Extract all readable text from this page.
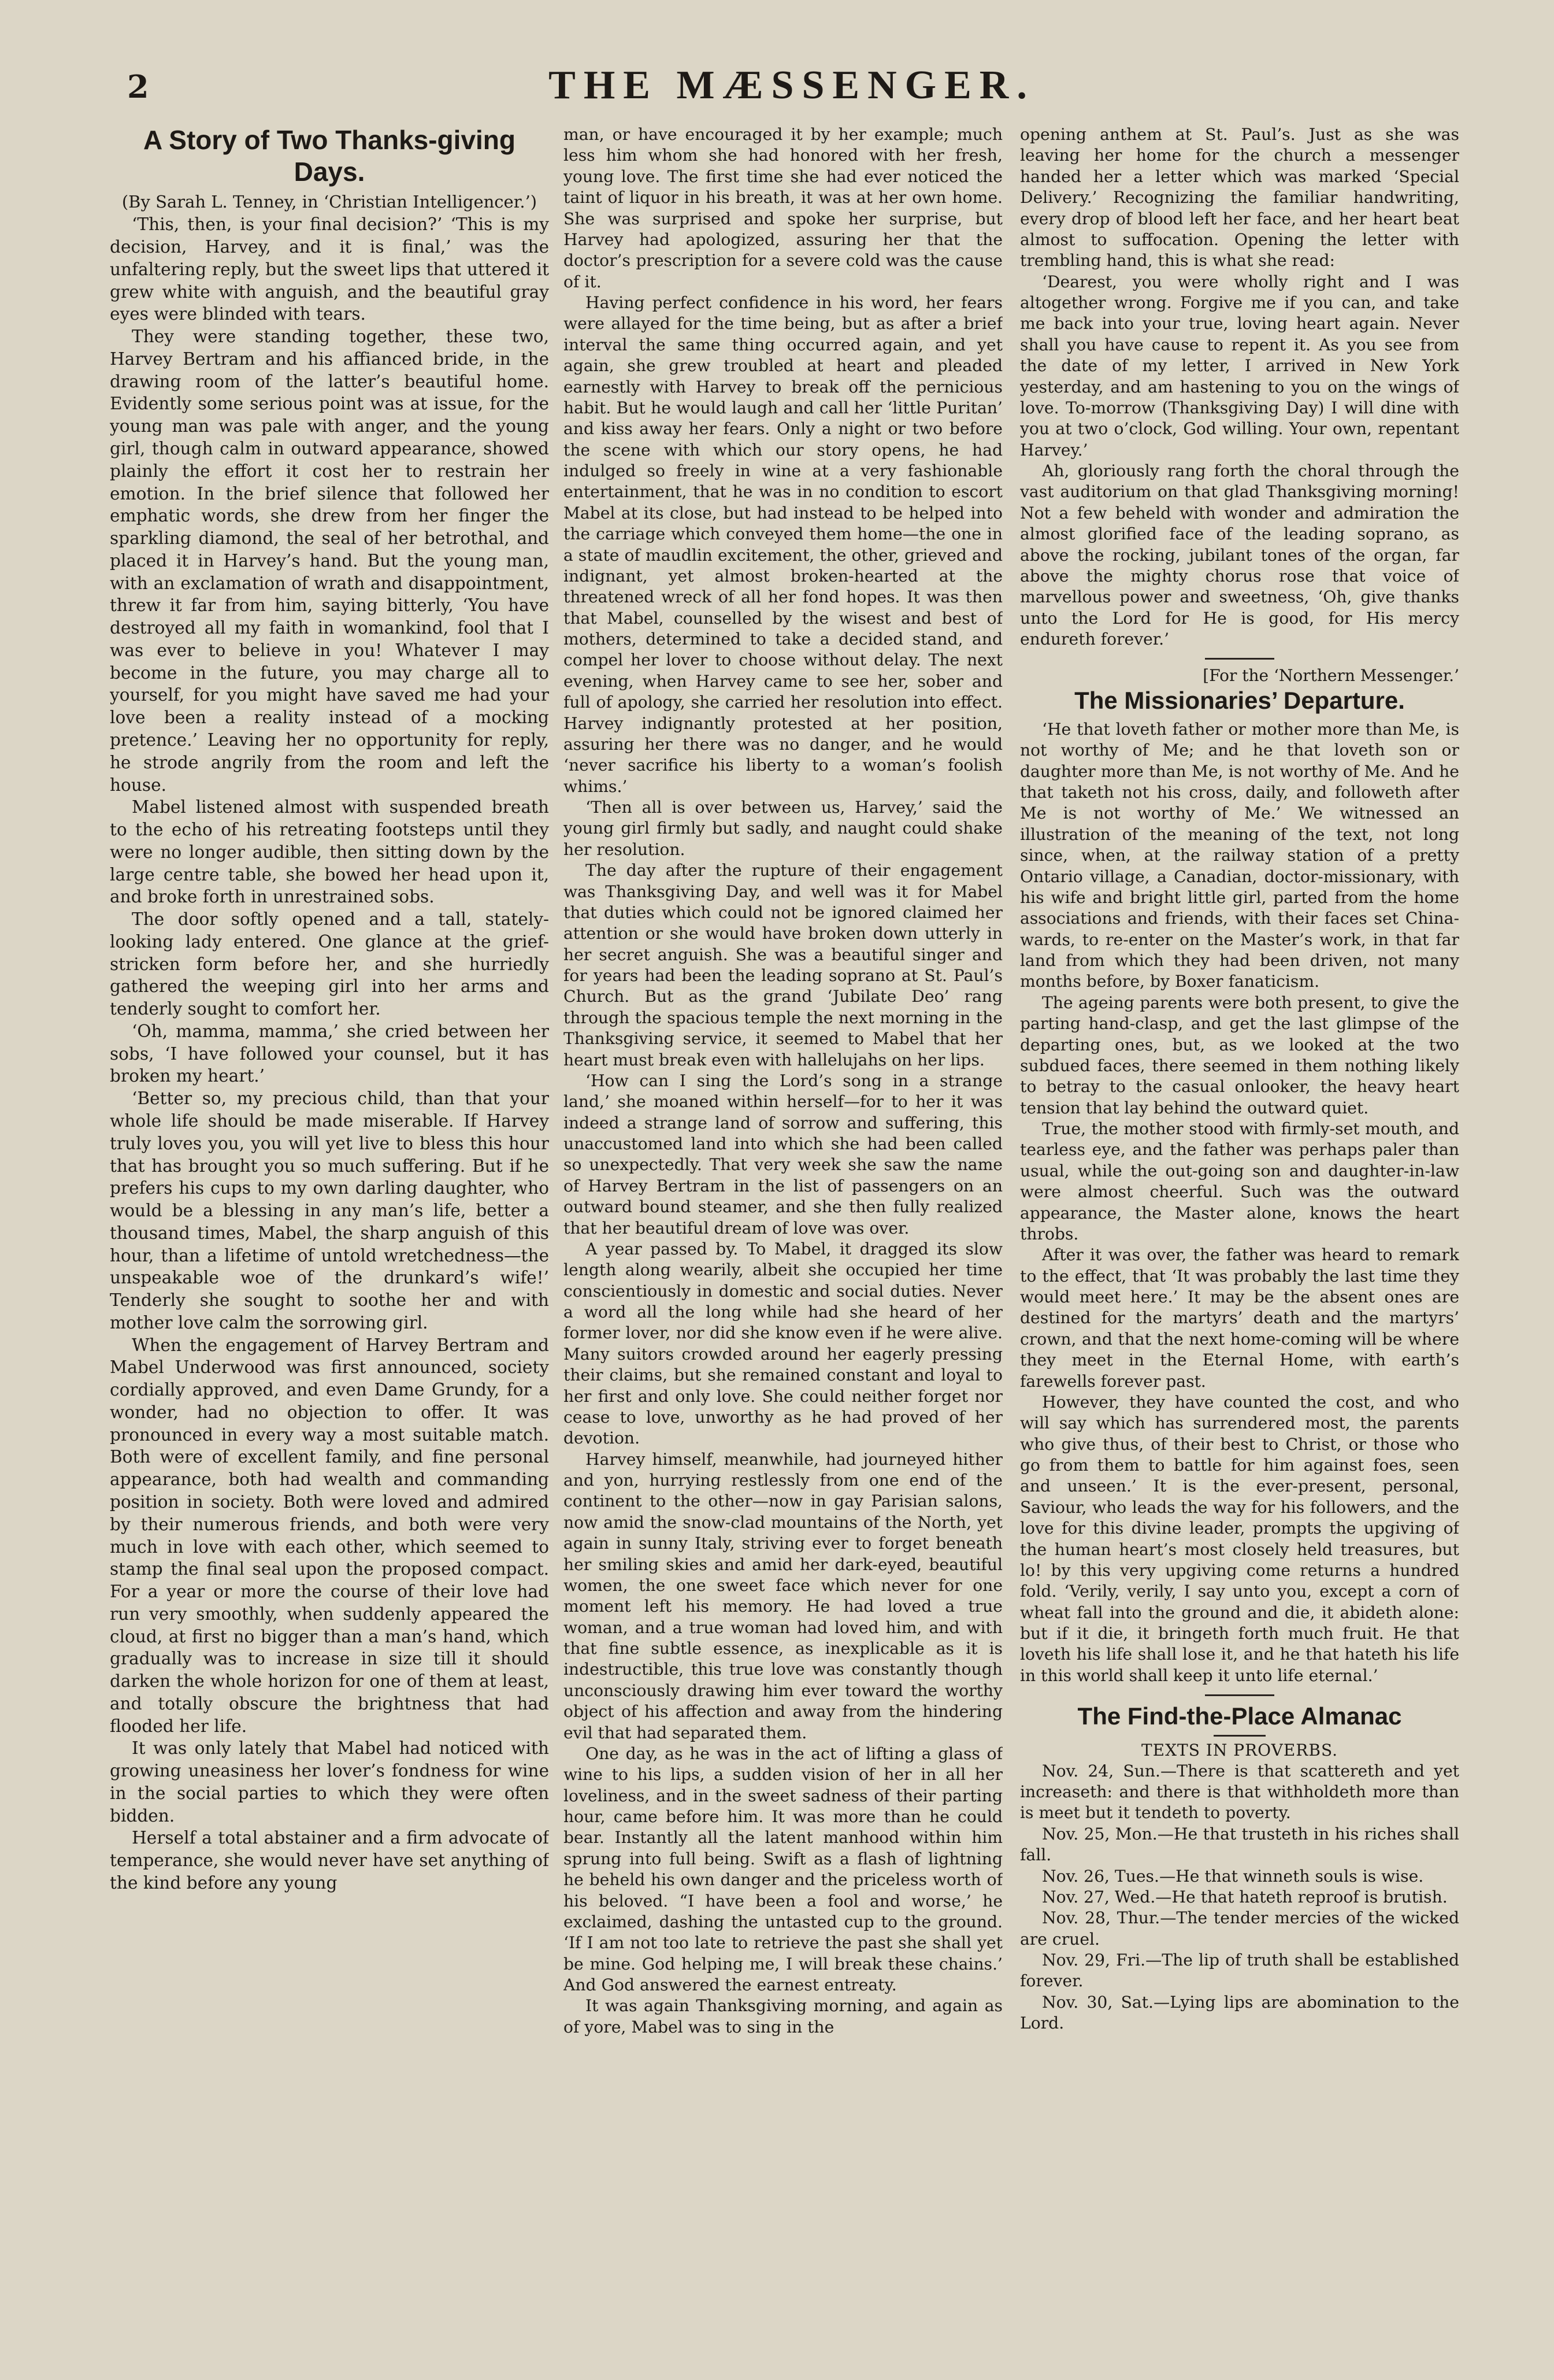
2	THE MÆSSENGER.
A Story of Two Thanks-giving Days.

(By Sarah L. Tenney, in ‘Christian Intelligencer.’)

‘This, then, is your final decision?’ ‘This is my decision, Harvey, and it is final,’ was the unfaltering reply, but the sweet lips that uttered it grew white with anguish, and the beautiful gray eyes were blinded with tears.

They were standing together, these two, Harvey Bertram and his affianced bride, in the drawing room of the latter’s beautiful home. Evidently some serious point was at issue, for the young man was pale with anger, and the young girl, though calm in outward appearance, showed plainly the effort it cost her to restrain her emotion. In the brief silence that followed her emphatic words, she drew from her finger the sparkling diamond, the seal of her betrothal, and placed it in Harvey’s hand. But the young man, with an exclamation of wrath and disappointment, threw it far from him, saying bitterly, ‘You have destroyed all my faith in womankind, fool that I was ever to believe in you! Whatever I may become in the future, you may charge all to yourself, for you might have saved me had your love been a reality instead of a mocking pretence.’ Leaving her no opportunity for reply, he strode angrily from the room and left the house.

Mabel listened almost with suspended breath to the echo of his retreating footsteps until they were no longer audible, then sitting down by the large centre table, she bowed her head upon it, and broke forth in unrestrained sobs.

The door softly opened and a tall, stately-looking lady entered. One glance at the grief-stricken form before her, and she hurriedly gathered the weeping girl into her arms and tenderly sought to comfort her.

‘Oh, mamma, mamma,’ she cried between her sobs, ‘I have followed your counsel, but it has broken my heart.’

‘Better so, my precious child, than that your whole life should be made miserable. If Harvey truly loves you, you will yet live to bless this hour that has brought you so much suffering. But if he prefers his cups to my own darling daughter, who would be a blessing in any man’s life, better a thousand times, Mabel, the sharp anguish of this hour, than a lifetime of untold wretchedness—the unspeakable woe of the drunkard’s wife!’ Tenderly she sought to soothe her and with mother love calm the sorrowing girl.

When the engagement of Harvey Bertram and Mabel Underwood was first announced, society cordially approved, and even Dame Grundy, for a wonder, had no objection to offer. It was pronounced in every way a most suitable match. Both were of excellent family, and fine personal appearance, both had wealth and commanding position in society. Both were loved and admired by their numerous friends, and both were very much in love with each other, which seemed to stamp the final seal upon the proposed compact. For a year or more the course of their love had run very smoothly, when suddenly appeared the cloud, at first no bigger than a man’s hand, which gradually was to increase in size till it should darken the whole horizon for one of them at least, and totally obscure the brightness that had flooded her life.

It was only lately that Mabel had noticed with growing uneasiness her lover’s fondness for wine in the social parties to which they were often bidden.

Herself a total abstainer and a firm advocate of temperance, she would never have set anything of the kind before any young

man, or have encouraged it by her example; much less him whom she had honored with her fresh, young love. The first time she had ever noticed the taint of liquor in his breath, it was at her own home. She was surprised and spoke her surprise, but Harvey had apologized, assuring her that the doctor’s prescription for a severe cold was the cause of it.

Having perfect confidence in his word, her fears were allayed for the time being, but as after a brief interval the same thing occurred again, and yet again, she grew troubled at heart and pleaded earnestly with Harvey to break off the pernicious habit. But he would laugh and call her ‘little Puritan’ and kiss away her fears. Only a night or two before the scene with which our story opens, he had indulged so freely in wine at a very fashionable entertainment, that he was in no condition to escort Mabel at its close, but had instead to be helped into the carriage which conveyed them home—the one in a state of maudlin excitement, the other, grieved and indignant, yet almost broken-hearted at the threatened wreck of all her fond hopes. It was then that Mabel, counselled by the wisest and best of mothers, determined to take a decided stand, and compel her lover to choose without delay. The next evening, when Harvey came to see her, sober and full of apology, she carried her resolution into effect. Harvey indignantly protested at her position, assuring her there was no danger, and he would ‘never sacrifice his liberty to a woman’s foolish whims.’

‘Then all is over between us, Harvey,’ said the young girl firmly but sadly, and naught could shake her resolution.

The day after the rupture of their engagement was Thanksgiving Day, and well was it for Mabel that duties which could not be ignored claimed her attention or she would have broken down utterly in her secret anguish. She was a beautiful singer and for years had been the leading soprano at St. Paul’s Church. But as the grand ‘Jubilate Deo’ rang through the spacious temple the next morning in the Thanksgiving service, it seemed to Mabel that her heart must break even with hallelujahs on her lips.

‘How can I sing the Lord’s song in a strange land,’ she moaned within herself—for to her it was indeed a strange land of sorrow and suffering, this unaccustomed land into which she had been called so unexpectedly. That very week she saw the name of Harvey Bertram in the list of passengers on an outward bound steamer, and she then fully realized that her beautiful dream of love was over.

A year passed by. To Mabel, it dragged its slow length along wearily, albeit she occupied her time conscientiously in domestic and social duties. Never a word all the long while had she heard of her former lover, nor did she know even if he were alive. Many suitors crowded around her eagerly pressing their claims, but she remained constant and loyal to her first and only love. She could neither forget nor cease to love, unworthy as he had proved of her devotion.

Harvey himself, meanwhile, had journeyed hither and yon, hurrying restlessly from one end of the continent to the other—now in gay Parisian salons, now amid the snow-clad mountains of the North, yet again in sunny Italy, striving ever to forget beneath her smiling skies and amid her dark-eyed, beautiful women, the one sweet face which never for one moment left his memory. He had loved a true woman, and a true woman had loved him, and with that fine subtle essence, as inexplicable as it is indestructible, this true love was constantly though unconsciously drawing him ever toward the worthy object of his affection and away from the hindering evil that had separated them.

One day, as he was in the act of lifting a glass of wine to his lips, a sudden vision of her in all her loveliness, and in the sweet sadness of their parting hour, came before him. It was more than he could bear. Instantly all the latent manhood within him sprung into full being. Swift as a flash of lightning he beheld his own danger and the priceless worth of his beloved. “I have been a fool and worse,’ he exclaimed, dashing the untasted cup to the ground. ‘If I am not too late to retrieve the past she shall yet be mine. God helping me, I will break these chains.’ And God answered the earnest entreaty.

It was again Thanksgiving morning, and again as of yore, Mabel was to sing in the

opening anthem at St. Paul’s. Just as she was leaving her home for the church a messenger handed her a letter which was marked ‘Special Delivery.’ Recognizing the familiar handwriting, every drop of blood left her face, and her heart beat almost to suffocation. Opening the letter with trembling hand, this is what she read:

‘Dearest, you were wholly right and I was altogether wrong. Forgive me if you can, and take me back into your true, loving heart again. Never shall you have cause to repent it. As you see from the date of my letter, I arrived in New York yesterday, and am hastening to you on the wings of love. To-morrow (Thanksgiving Day) I will dine with you at two o’clock, God willing. Your own, repentant Harvey.’

Ah, gloriously rang forth the choral through the vast auditorium on that glad Thanksgiving morning! Not a few beheld with wonder and admiration the almost glorified face of the leading soprano, as above the rocking, jubilant tones of the organ, far above the mighty chorus rose that voice of marvellous power and sweetness, ‘Oh, give thanks unto the Lord for He is good, for His mercy endureth forever.’

[For the ‘Northern Messenger.’

The Missionaries’ Departure.

‘He that loveth father or mother more than Me, is not worthy of Me; and he that loveth son or daughter more than Me, is not worthy of Me. And he that taketh not his cross, daily, and followeth after Me is not worthy of Me.’ We witnessed an illustration of the meaning of the text, not long since, when, at the railway station of a pretty Ontario village, a Canadian, doctor-missionary, with his wife and bright little girl, parted from the home associations and friends, with their faces set China-wards, to re-enter on the Master’s work, in that far land from which they had been driven, not many months before, by Boxer fanaticism.

The ageing parents were both present, to give the parting hand-clasp, and get the last glimpse of the departing ones, but, as we looked at the two subdued faces, there seemed in them nothing likely to betray to the casual onlooker, the heavy heart tension that lay behind the outward quiet.

True, the mother stood with firmly-set mouth, and tearless eye, and the father was perhaps paler than usual, while the out-going son and daughter-in-law were almost cheerful. Such was the outward appearance, the Master alone, knows the heart throbs.

After it was over, the father was heard to remark to the effect, that ‘It was probably the last time they would meet here.’ It may be the absent ones are destined for the martyrs’ death and the martyrs’ crown, and that the next home-coming will be where they meet in the Eternal Home, with earth’s farewells forever past.

However, they have counted the cost, and who will say which has surrendered most, the parents who give thus, of their best to Christ, or those who go from them to battle for him against foes, seen and unseen.’ It is the ever-present, personal, Saviour, who leads the way for his followers, and the love for this divine leader, prompts the upgiving of the human heart’s most closely held treasures, but lo! by this very upgiving come returns a hundred fold. ‘Verily, verily, I say unto you, except a corn of wheat fall into the ground and die, it abideth alone: but if it die, it bringeth forth much fruit. He that loveth his life shall lose it, and he that hateth his life in this world shall keep it unto life eternal.’

The Find-the-Place Almanac

TEXTS IN PROVERBS.

Nov. 24, Sun.—There is that scattereth and yet increaseth: and there is that withholdeth more than is meet but it tendeth to poverty.

Nov. 25, Mon.—He that trusteth in his riches shall fall.

Nov. 26, Tues.—He that winneth souls is wise.

Nov. 27, Wed.—He that hateth reproof is brutish.

Nov. 28, Thur.—The tender mercies of the wicked are cruel.

Nov. 29, Fri.—The lip of truth shall be established forever.

Nov. 30, Sat.—Lying lips are abomination to the Lord.
